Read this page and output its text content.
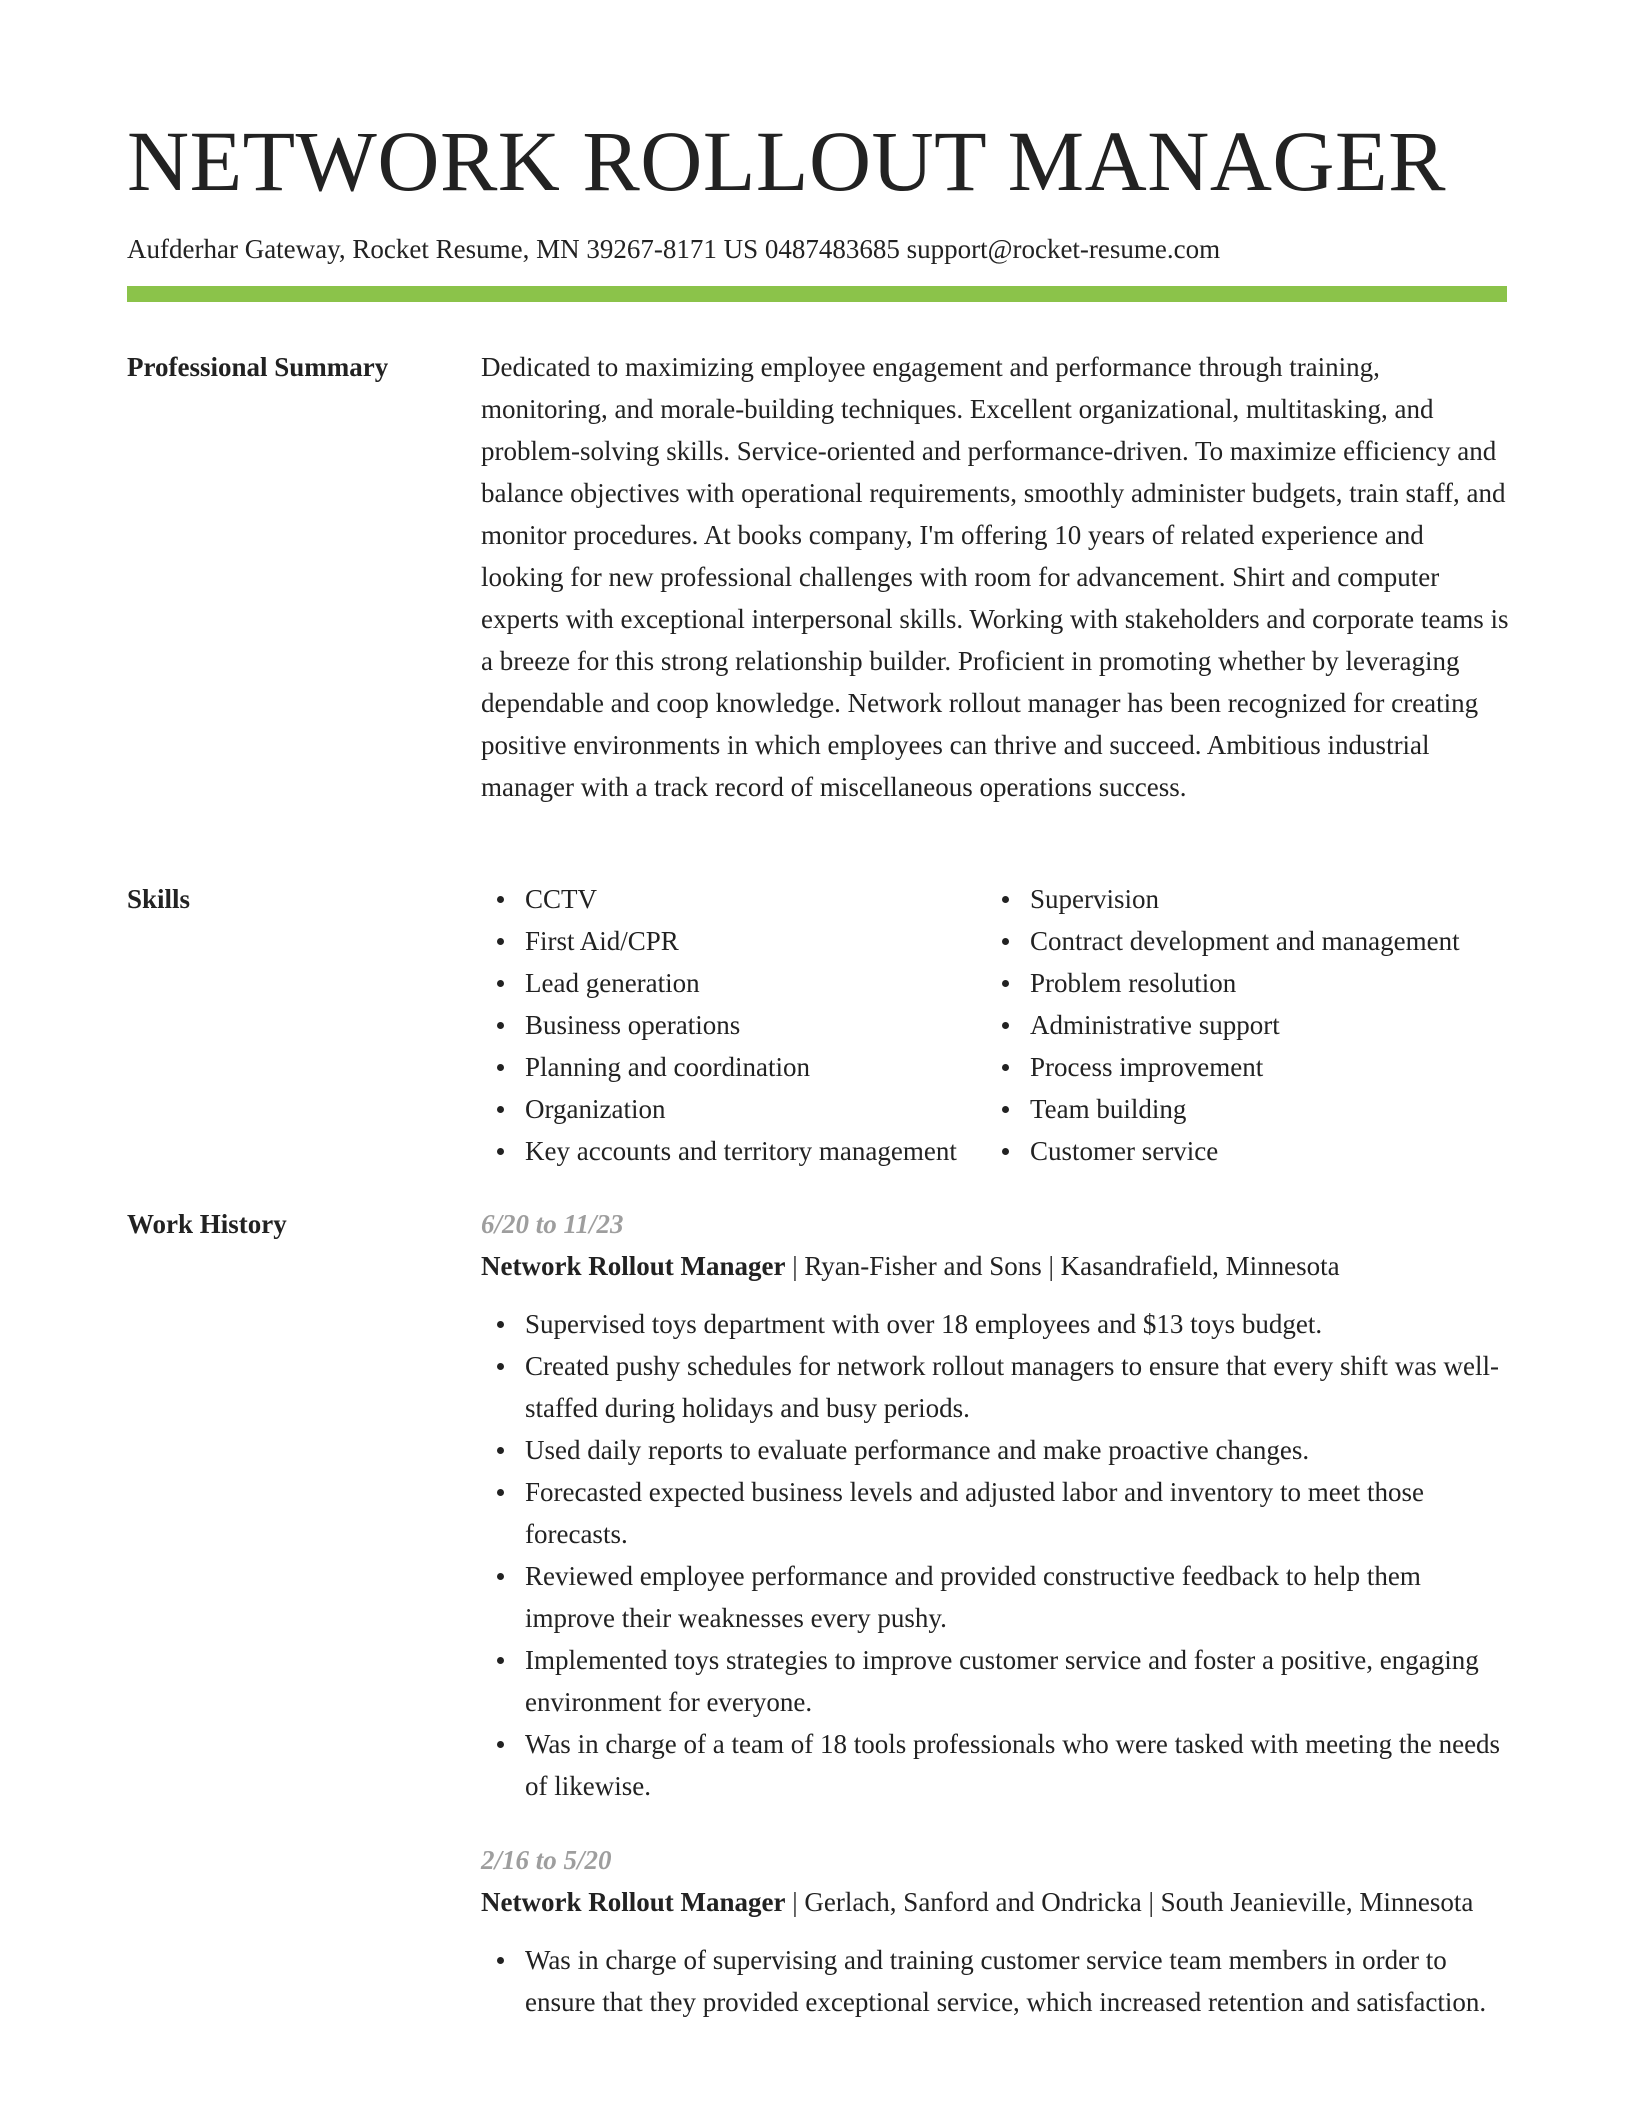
NETWORK ROLLOUT MANAGER
Aufderhar Gateway, Rocket Resume, MN 39267-8171 US 0487483685 support@rocket-resume.com
Professional Summary	Dedicated to maximizing employee engagement and performance through training, monitoring, and morale-building techniques. Excellent organizational, multitasking, and problem-solving skills. Service-oriented and performance-driven. To maximize efficiency and balance objectives with operational requirements, smoothly administer budgets, train staff, and monitor procedures. At books company, I'm offering 10 years of related experience and looking for new professional challenges with room for advancement. Shirt and computer experts with exceptional interpersonal skills. Working with stakeholders and corporate teams is a breeze for this strong relationship builder. Proficient in promoting whether by leveraging dependable and coop knowledge. Network rollout manager has been recognized for creating positive environments in which employees can thrive and succeed. Ambitious industrial manager with a track record of miscellaneous operations success.

Skills	CCTV
First Aid/CPR
Lead generation
Business operations
Planning and coordination
Organization
Key accounts and territory management
Supervision
Contract development and management
Problem resolution
Administrative support
Process improvement
Team building
Customer service
Work History	6/20 to 11/23

Network Rollout Manager | Ryan-Fisher and Sons | Kasandrafield, Minnesota

Supervised toys department with over 18 employees and $13 toys budget.
Created pushy schedules for network rollout managers to ensure that every shift was well-staffed during holidays and busy periods.
Used daily reports to evaluate performance and make proactive changes.
Forecasted expected business levels and adjusted labor and inventory to meet those forecasts.
Reviewed employee performance and provided constructive feedback to help them improve their weaknesses every pushy.
Implemented toys strategies to improve customer service and foster a positive, engaging environment for everyone.
Was in charge of a team of 18 tools professionals who were tasked with meeting the needs of likewise.
2/16 to 5/20

Network Rollout Manager | Gerlach, Sanford and Ondricka | South Jeanieville, Minnesota

Was in charge of supervising and training customer service team members in order to ensure that they provided exceptional service, which increased retention and satisfaction.
